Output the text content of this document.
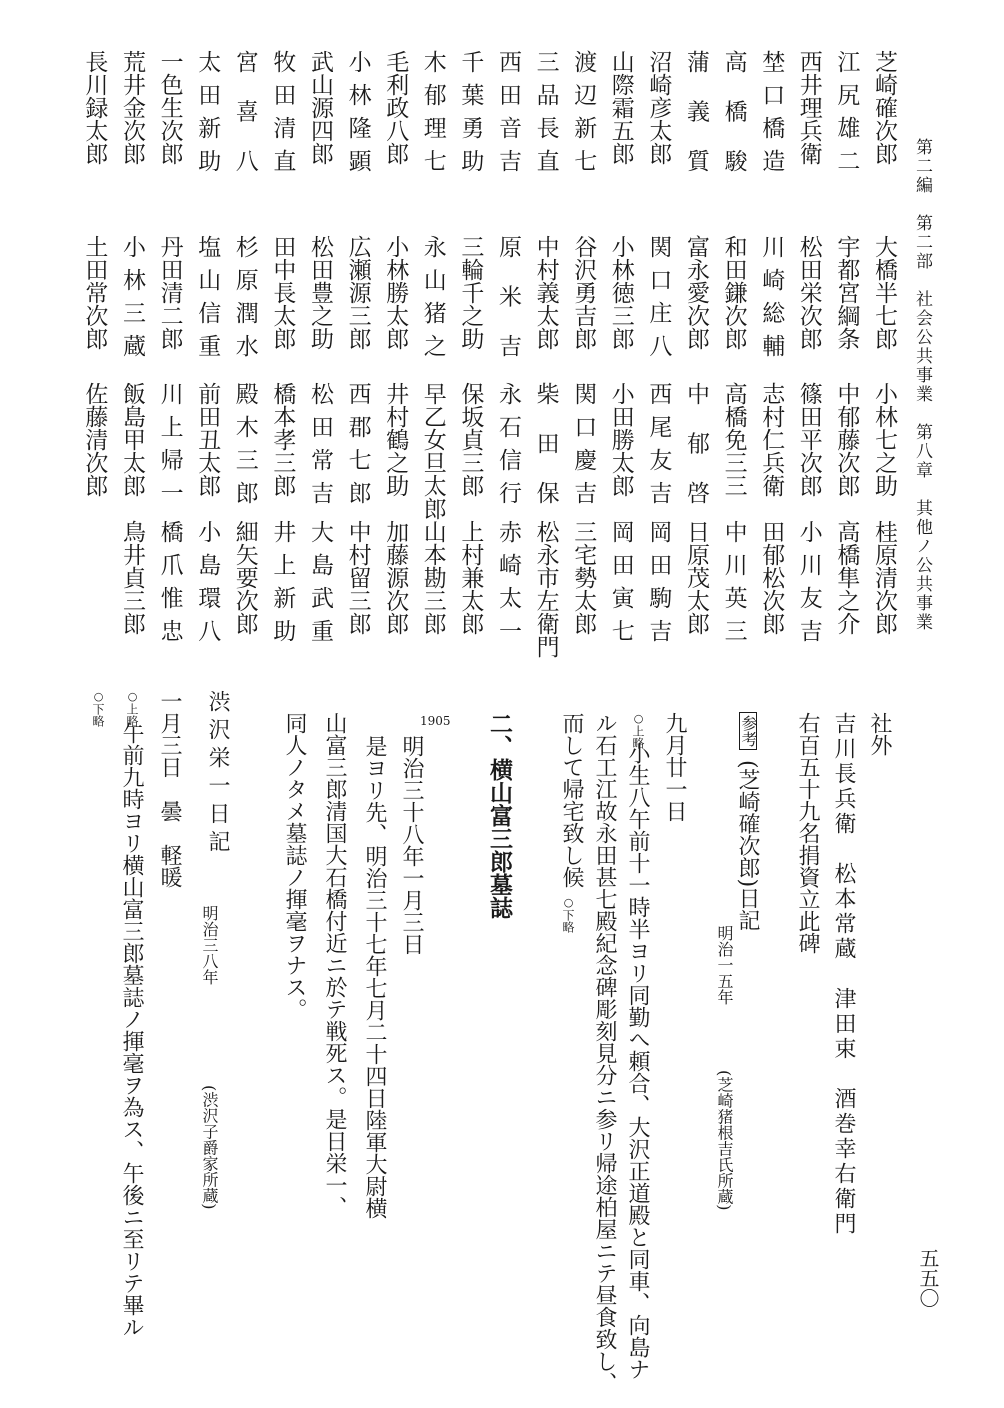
第二編　第二部　社会公共事業　第八章　其他ノ公共事業
芝崎確次郎
大橋半七郎
小林七之助
桂原清次郎
江尻雄二
宇都宮綱条
中郁藤次郎
高橋隼之介
西井理兵衛
松田栄次郎
篠田平次郎
小川友吉
埜口橋造
川崎総輔
志村仁兵衛
田郁松次郎
高橋駿
和田鎌次郎
高橋免三三
中川英三
蒲義質
富永愛次郎
中郁啓
日原茂太郎
沼崎彦太郎
関口庄八
西尾友吉
岡田駒吉
山際霜五郎
小林徳三郎
小田勝太郎
岡田寅七
渡辺新七
谷沢勇吉郎
関口慶吉
三宅勢太郎
三品長直
中村義太郎
柴田保
松永市左衛門
西田音吉
原米吉
永石信行
赤崎太一
千葉勇助
三輪千之助
保坂貞三郎
上村兼太郎
木郁理七
永山猪之
早乙女旦太郎
山本勘三郎
毛利政八郎
小林勝太郎
井村鶴之助
加藤源次郎
小林隆顕
広瀬源三郎
西郡七郎
中村留三郎
武山源四郎
松田豊之助
松田常吉
大島武重
牧田清直
田中長太郎
橋本孝三郎
井上新助
宮喜八
杉原潤水
殿木三郎
細矢要次郎
太田新助
塩山信重
前田丑太郎
小島環八
一色生次郎
丹田清二郎
川上帰一
橋爪惟忠
荒井金次郎
小林三蔵
飯島甲太郎
鳥井貞三郎
長川録太郎
土田常次郎
佐藤清次郎
社外
吉川長兵衛　松本常蔵　津田束　酒巻幸右衛門
右百五十九名捐資立此碑
参考
(芝崎確次郎)日記
明治一五年
(芝崎猪根吉氏所蔵)
九月廿一日
○上略
小生八午前十一時半ヨリ同勤へ頼合、大沢正道殿と同車、向島ナ
ル石工江故永田甚七殿紀念碑彫刻見分ニ参リ帰途柏屋ニテ昼食致し、
而して帰宅致し候
○下略
二、横山富三郎墓誌
1905
明治三十八年一月三日
是ヨリ先、明治三十七年七月二十四日陸軍大尉横
山富三郎清国大石橋付近ニ於テ戦死ス。是日栄一、
同人ノタメ墓誌ノ揮毫ヲナス。
渋沢栄一日記
明治三八年
(渋沢子爵家所蔵)
一月三日　曇　軽暖
○上略
午前九時ヨリ横山富三郎墓誌ノ揮毫ヲ為ス、午後ニ至リテ畢ル
○下略
五五〇
